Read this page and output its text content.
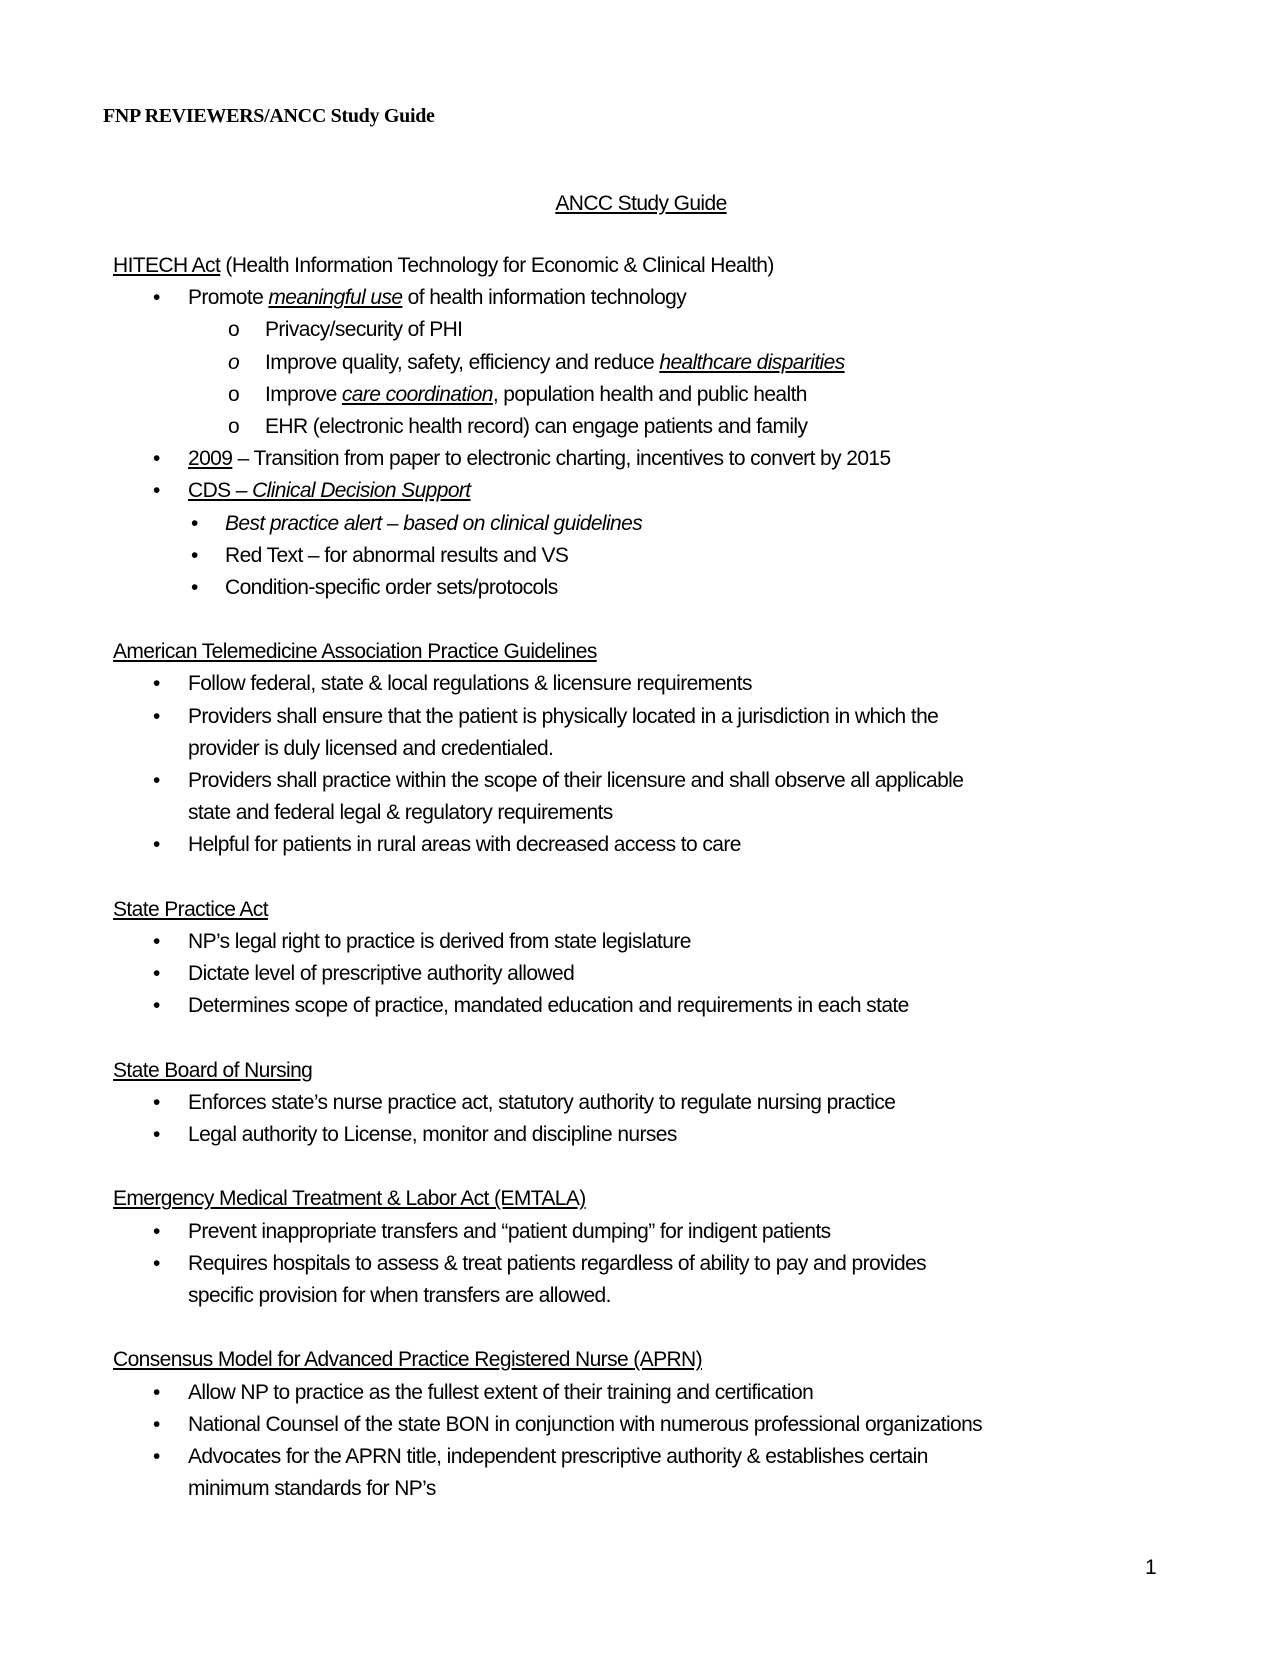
FNP REVIEWERS/ANCC Study Guide
ANCC Study Guide
HITECH Act (Health Information Technology for Economic & Clinical Health)
• Promote meaningful use of health information technology
o Privacy/security of PHI
o Improve quality, safety, efficiency and reduce healthcare disparities
o Improve care coordination, population health and public health
o EHR (electronic health record) can engage patients and family
• 2009 – Transition from paper to electronic charting, incentives to convert by 2015
• CDS – Clinical Decision Support
• Best practice alert – based on clinical guidelines
• Red Text – for abnormal results and VS
• Condition-specific order sets/protocols
American Telemedicine Association Practice Guidelines
• Follow federal, state & local regulations & licensure requirements
• Providers shall ensure that the patient is physically located in a jurisdiction in which the
provider is duly licensed and credentialed.
• Providers shall practice within the scope of their licensure and shall observe all applicable
state and federal legal & regulatory requirements
• Helpful for patients in rural areas with decreased access to care
State Practice Act
• NP’s legal right to practice is derived from state legislature
• Dictate level of prescriptive authority allowed
• Determines scope of practice, mandated education and requirements in each state
State Board of Nursing
• Enforces state’s nurse practice act, statutory authority to regulate nursing practice
• Legal authority to License, monitor and discipline nurses
Emergency Medical Treatment & Labor Act (EMTALA)
• Prevent inappropriate transfers and “patient dumping” for indigent patients
• Requires hospitals to assess & treat patients regardless of ability to pay and provides
specific provision for when transfers are allowed.
Consensus Model for Advanced Practice Registered Nurse (APRN)
• Allow NP to practice as the fullest extent of their training and certification
• National Counsel of the state BON in conjunction with numerous professional organizations
• Advocates for the APRN title, independent prescriptive authority & establishes certain
minimum standards for NP’s
1
